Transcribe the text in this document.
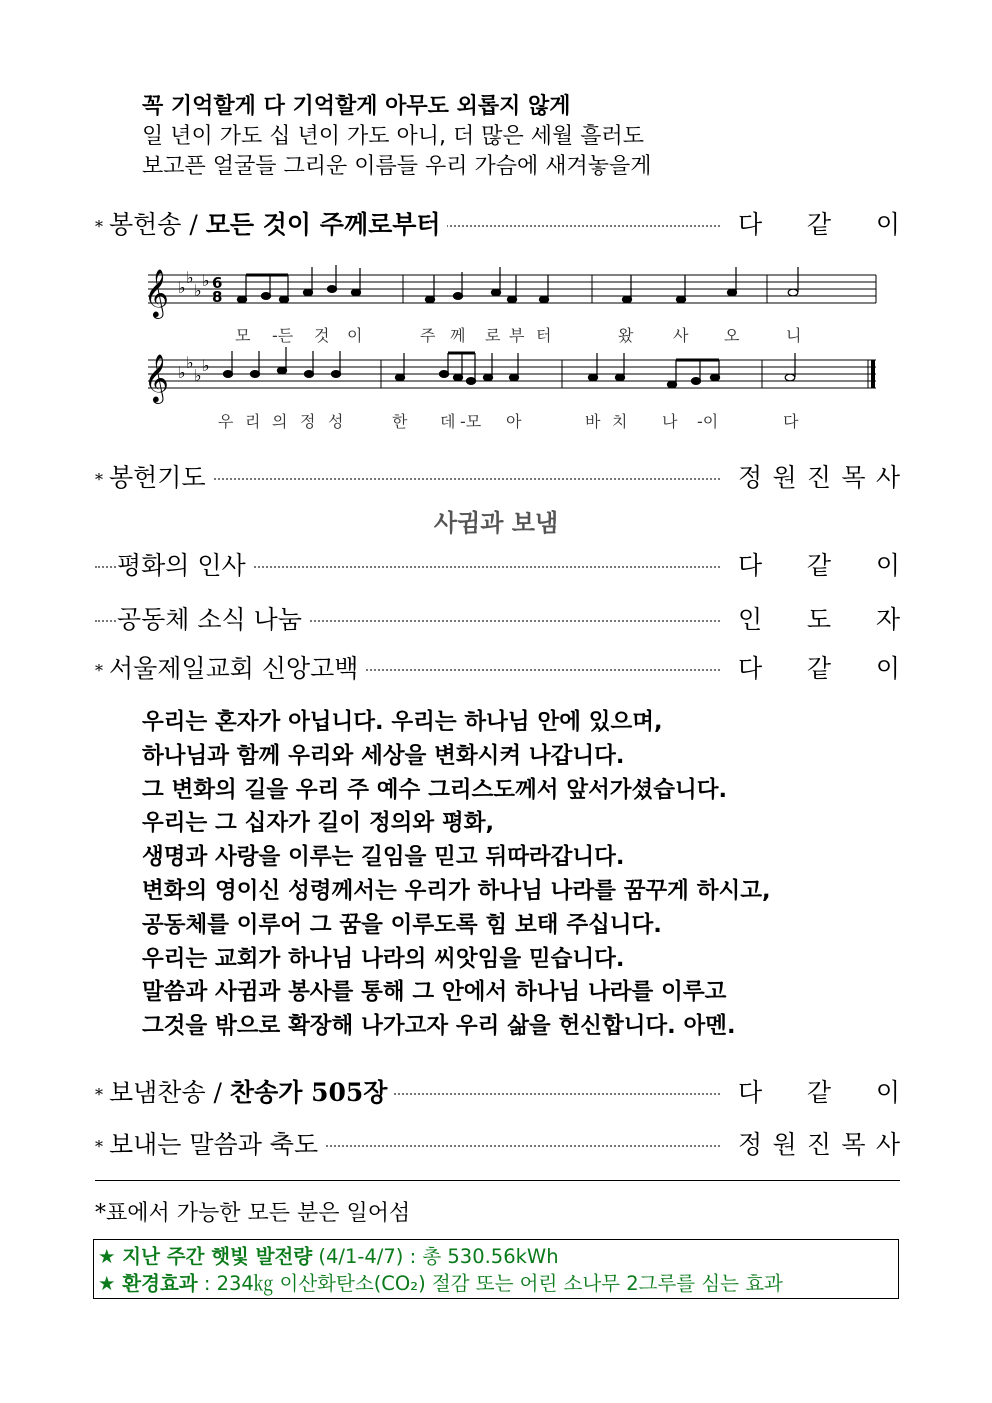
꼭 기억할게 다 기억할게 아무도 외롭지 않게
일 년이 가도 십 년이 가도 아니, 더 많은 세월 흘러도
보고픈 얼굴들 그리운 이름들 우리 가슴에 새겨놓을게
* 봉헌송 / 모든 것이 주께로부터	다 같 이
𝄞 ♭
♭
♭
♭ 6
8
모 -든 것 이	주 께 로 부 터	왔 사 오	니
𝄞 ♭
♭
♭
♭
우 리 의 정 성	한 데 -모 아	바 치 나 -이	다
* 봉헌기도	정 원 진 목 사
사귐과 보냄
평화의 인사	다 같 이
공동체 소식 나눔	인 도 자
* 서울제일교회 신앙고백	다 같 이
우리는 혼자가 아닙니다. 우리는 하나님 안에 있으며,
하나님과 함께 우리와 세상을 변화시켜 나갑니다.
그 변화의 길을 우리 주 예수 그리스도께서 앞서가셨습니다.
우리는 그 십자가 길이 정의와 평화,
생명과 사랑을 이루는 길임을 믿고 뒤따라갑니다.
변화의 영이신 성령께서는 우리가 하나님 나라를 꿈꾸게 하시고,
공동체를 이루어 그 꿈을 이루도록 힘 보태 주십니다.
우리는 교회가 하나님 나라의 씨앗임을 믿습니다.
말씀과 사귐과 봉사를 통해 그 안에서 하나님 나라를 이루고
그것을 밖으로 확장해 나가고자 우리 삶을 헌신합니다. 아멘.
* 보냄찬송 / 찬송가 505장	다 같 이
* 보내는 말씀과 축도	정 원 진 목 사
*표에서 가능한 모든 분은 일어섬
★ 지난 주간 햇빛 발전량 (4/1-4/7) : 총 530.56kWh
★ 환경효과 : 234㎏ 이산화탄소(CO₂) 절감 또는 어린 소나무 2그루를 심는 효과
